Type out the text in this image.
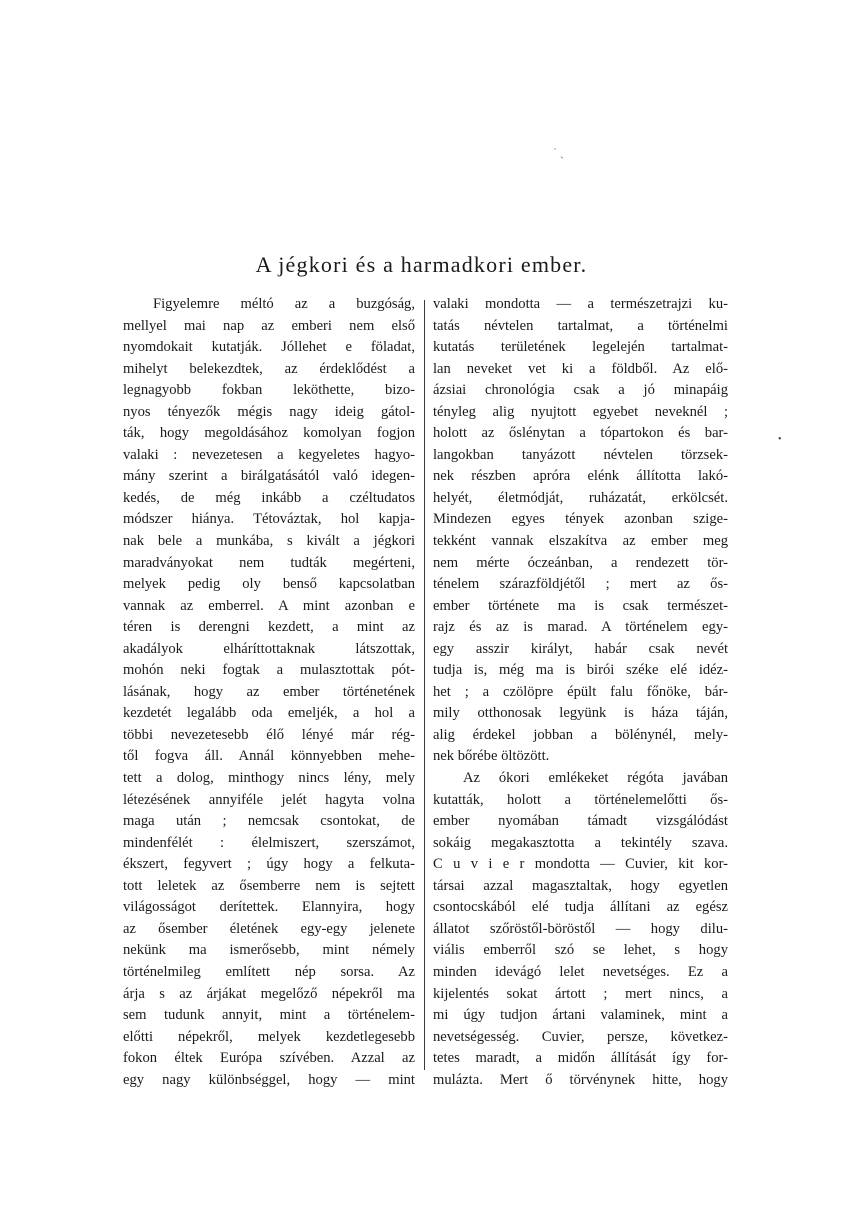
˙ ˏ
A jégkori és a harmadkori ember.
Figyelemre méltó az a buzgóság,
mellyel mai nap az emberi nem első
nyomdokait kutatják. Jóllehet e föladat,
mihelyt belekezdtek, az érdeklődést a
legnagyobb fokban leköthette, bizo-
nyos tényezők mégis nagy ideig gátol-
ták, hogy megoldásához komolyan fogjon
valaki : nevezetesen a kegyeletes hagyo-
mány szerint a birálgatásától való idegen-
kedés, de még inkább a czéltudatos
módszer hiánya. Tétováztak, hol kapja-
nak bele a munkába, s kivált a jégkori
maradványokat nem tudták megérteni,
melyek pedig oly benső kapcsolatban
vannak az emberrel. A mint azonban e
téren is derengni kezdett, a mint az
akadályok elháríttottaknak látszottak,
mohón neki fogtak a mulasztottak pót-
lásának, hogy az ember történetének
kezdetét legalább oda emeljék, a hol a
többi nevezetesebb élő lényé már rég-
től fogva áll. Annál könnyebben mehe-
tett a dolog, minthogy nincs lény, mely
létezésének annyiféle jelét hagyta volna
maga után ; nemcsak csontokat, de
mindenfélét : élelmiszert, szerszámot,
ékszert, fegyvert ; úgy hogy a felkuta-
tott leletek az ősemberre nem is sejtett
világosságot derítettek. Elannyira, hogy
az ősember életének egy-egy jelenete
nekünk ma ismerősebb, mint némely
történelmileg említett nép sorsa. Az
árja s az árjákat megelőző népekről ma
sem tudunk annyit, mint a történelem-
előtti népekről, melyek kezdetlegesebb
fokon éltek Európa szívében. Azzal az
egy nagy különbséggel, hogy — mint
valaki mondotta — a természetrajzi ku-
tatás névtelen tartalmat, a történelmi
kutatás területének legelején tartalmat-
lan neveket vet ki a földből. Az elő-
ázsiai chronológia csak a jó minapáig
tényleg alig nyujtott egyebet neveknél ;
holott az őslénytan a tópartokon és bar-
langokban tanyázott névtelen törzsek-
nek részben apróra elénk állította lakó-
helyét, életmódját, ruházatát, erkölcsét.
Mindezen egyes tények azonban szige-
tekként vannak elszakítva az ember meg
nem mérte óczeánban, a rendezett tör-
ténelem szárazföldjétől ; mert az ős-
ember története ma is csak természet-
rajz és az is marad. A történelem egy-
egy asszir királyt, habár csak nevét
tudja is, még ma is birói széke elé idéz-
het ; a czölöpre épült falu főnöke, bár-
mily otthonosak legyünk is háza táján,
alig érdekel jobban a bölénynél, mely-
nek bőrébe öltözött.
Az ókori emlékeket régóta javában
kutatták, holott a történelemelőtti ős-
ember nyomában támadt vizsgálódást
sokáig megakasztotta a tekintély szava.
C u v i e r mondotta — Cuvier, kit kor-
társai azzal magasztaltak, hogy egyetlen
csontocskából elé tudja állítani az egész
állatot szőröstől-böröstől — hogy dilu-
viális emberről szó se lehet, s hogy
minden idevágó lelet nevetséges. Ez a
kijelentés sokat ártott ; mert nincs, a
mi úgy tudjon ártani valaminek, mint a
nevetségesség. Cuvier, persze, következ-
tetes maradt, a midőn állítását így for-
mulázta. Mert ő törvénynek hitte, hogy
•
